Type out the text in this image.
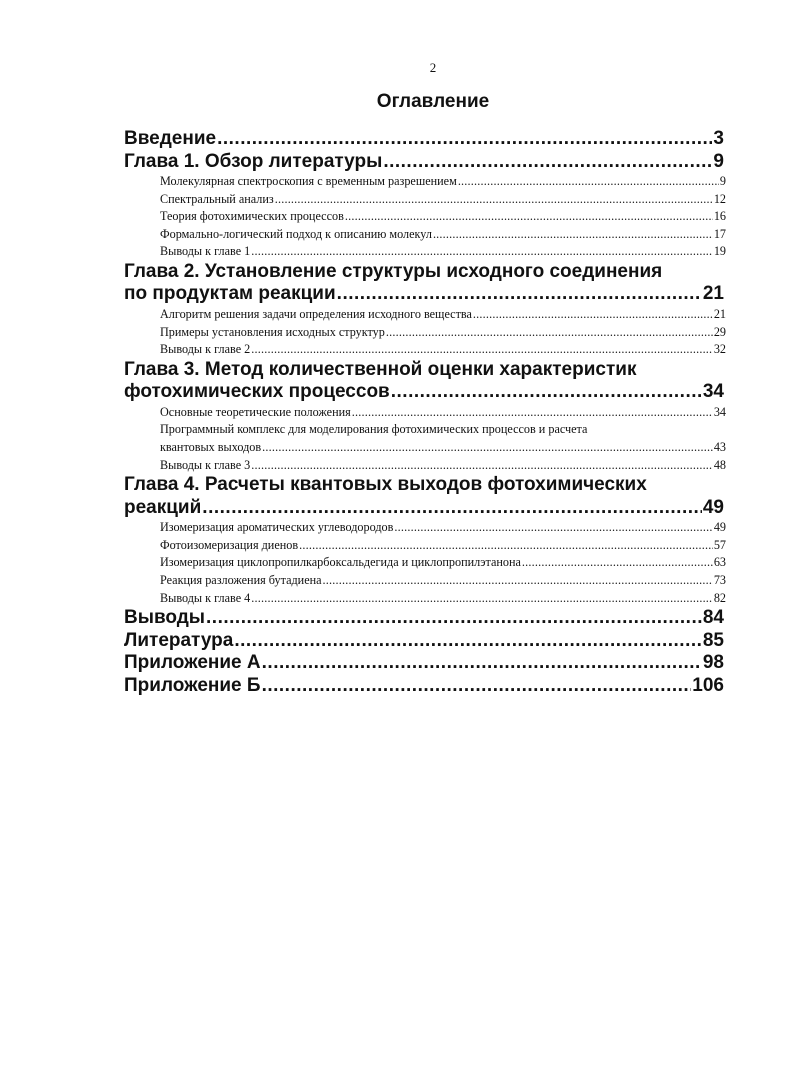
2
Оглавление
Введение .....	3
Глава 1. Обзор литературы .....	9
Молекулярная спектроскопия с временным разрешением .....	9
Спектральный анализ .....	12
Теория фотохимических процессов .....	16
Формально-логический подход к описанию молекул .....	17
Выводы к главе 1 .....	19
Глава 2. Установление структуры исходного соединения
по продуктам реакции .....	21
Алгоритм решения задачи определения исходного вещества .....	21
Примеры установления исходных структур .....	29
Выводы к главе 2 .....	32
Глава 3. Метод количественной оценки характеристик
фотохимических процессов .....	34
Основные теоретические положения .....	34
Программный комплекс для моделирования фотохимических процессов и расчета
квантовых выходов .....	43
Выводы к главе 3 .....	48
Глава 4. Расчеты квантовых выходов фотохимических
реакций .....	49
Изомеризация ароматических углеводородов .....	49
Фотоизомеризация диенов .....	57
Изомеризация циклопропилкарбоксальдегида и циклопропилэтанона .....	63
Реакция разложения бутадиена .....	73
Выводы к главе 4 .....	82
Выводы .....	84
Литература .....	85
Приложение А .....	98
Приложение Б .....	106
